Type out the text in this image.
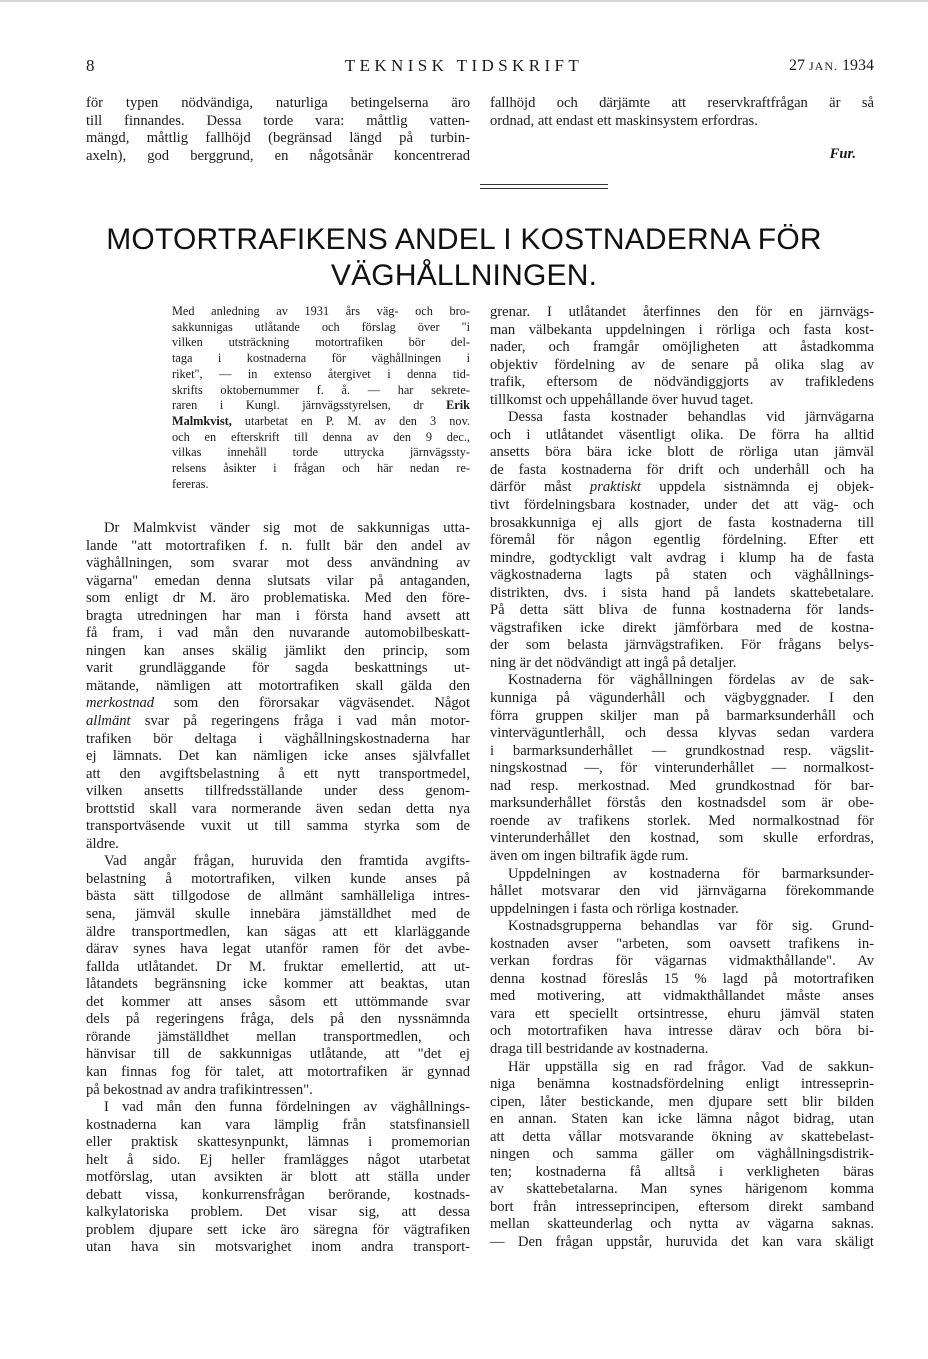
8	TEKNISK TIDSKRIFT	27 JAN. 1934
för typen nödvändiga, naturliga betingelserna äro
till finnandes. Dessa torde vara: måttlig vatten-
mängd, måttlig fallhöjd (begränsad längd på turbin-
axeln), god berggrund, en någotsånär koncentrerad
fallhöjd och därjämte att reservkraftfrågan är så
ordnad, att endast ett maskinsystem erfordras.
Fur.
MOTORTRAFIKENS ANDEL I KOSTNADERNA FÖR
VÄGHÅLLNINGEN.
Med anledning av 1931 års väg- och bro-
sakkunnigas utlåtande och förslag över "i
vilken utsträckning motortrafiken bör del-
taga i kostnaderna för väghållningen i
riket", — in extenso återgivet i denna tid-
skrifts oktobernummer f. å. — har sekrete-
raren i Kungl. järnvägsstyrelsen, dr Erik
Malmkvist, utarbetat en P. M. av den 3 nov.
och en efterskrift till denna av den 9 dec.,
vilkas innehåll torde uttrycka järnvägssty-
relsens åsikter i frågan och här nedan re-
fereras.
Dr Malmkvist vänder sig mot de sakkunnigas utta-
lande "att motortrafiken f. n. fullt bär den andel av
väghållningen, som svarar mot dess användning av
vägarna" emedan denna slutsats vilar på antaganden,
som enligt dr M. äro problematiska. Med den före-
bragta utredningen har man i första hand avsett att
få fram, i vad mån den nuvarande automobilbeskatt-
ningen kan anses skälig jämlikt den princip, som
varit grundläggande för sagda beskattnings ut-
mätande, nämligen att motortrafiken skall gälda den
merkostnad som den förorsakar vägväsendet. Något
allmänt svar på regeringens fråga i vad mån motor-
trafiken bör deltaga i väghållningskostnaderna har
ej lämnats. Det kan nämligen icke anses självfallet
att den avgiftsbelastning å ett nytt transportmedel,
vilken ansetts tillfredsställande under dess genom-
brottstid skall vara normerande även sedan detta nya
transportväsende vuxit ut till samma styrka som de
äldre.
Vad angår frågan, huruvida den framtida avgifts-
belastning å motortrafiken, vilken kunde anses på
bästa sätt tillgodose de allmänt samhälleliga intres-
sena, jämväl skulle innebära jämställdhet med de
äldre transportmedlen, kan sägas att ett klarläggande
därav synes hava legat utanför ramen för det avbe-
fallda utlåtandet. Dr M. fruktar emellertid, att ut-
låtandets begränsning icke kommer att beaktas, utan
det kommer att anses såsom ett uttömmande svar
dels på regeringens fråga, dels på den nyssnämnda
rörande jämställdhet mellan transportmedlen, och
hänvisar till de sakkunnigas utlåtande, att "det ej
kan finnas fog för talet, att motortrafiken är gynnad
på bekostnad av andra trafikintressen".
I vad mån den funna fördelningen av väghållnings-
kostnaderna kan vara lämplig från statsfinansiell
eller praktisk skattesynpunkt, lämnas i promemorian
helt å sido. Ej heller framlägges något utarbetat
motförslag, utan avsikten är blott att ställa under
debatt vissa, konkurrensfrågan berörande, kostnads-
kalkylatoriska problem. Det visar sig, att dessa
problem djupare sett icke äro säregna för vägtrafiken
utan hava sin motsvarighet inom andra transport-
grenar. I utlåtandet återfinnes den för en järnvägs-
man välbekanta uppdelningen i rörliga och fasta kost-
nader, och framgår omöjligheten att åstadkomma
objektiv fördelning av de senare på olika slag av
trafik, eftersom de nödvändiggjorts av trafikledens
tillkomst och uppehållande över huvud taget.
Dessa fasta kostnader behandlas vid järnvägarna
och i utlåtandet väsentligt olika. De förra ha alltid
ansetts böra bära icke blott de rörliga utan jämväl
de fasta kostnaderna för drift och underhåll och ha
därför måst praktiskt uppdela sistnämnda ej objek-
tivt fördelningsbara kostnader, under det att väg- och
brosakkunniga ej alls gjort de fasta kostnaderna till
föremål för någon egentlig fördelning. Efter ett
mindre, godtyckligt valt avdrag i klump ha de fasta
vägkostnaderna lagts på staten och väghållnings-
distrikten, dvs. i sista hand på landets skattebetalare.
På detta sätt bliva de funna kostnaderna för lands-
vägstrafiken icke direkt jämförbara med de kostna-
der som belasta järnvägstrafiken. För frågans belys-
ning är det nödvändigt att ingå på detaljer.
Kostnaderna för väghållningen fördelas av de sak-
kunniga på vägunderhåll och vägbyggnader. I den
förra gruppen skiljer man på barmarksunderhåll och
vinterväguntlerhåll, och dessa klyvas sedan vardera
i barmarksunderhållet — grundkostnad resp. vägslit-
ningskostnad —, för vinterunderhållet — normalkost-
nad resp. merkostnad. Med grundkostnad för bar-
marksunderhållet förstås den kostnadsdel som är obe-
roende av trafikens storlek. Med normalkostnad för
vinterunderhållet den kostnad, som skulle erfordras,
även om ingen biltrafik ägde rum.
Uppdelningen av kostnaderna för barmarksunder-
hållet motsvarar den vid järnvägarna förekommande
uppdelningen i fasta och rörliga kostnader.
Kostnadsgrupperna behandlas var för sig. Grund-
kostnaden avser "arbeten, som oavsett trafikens in-
verkan fordras för vägarnas vidmakthållande". Av
denna kostnad föreslås 15 % lagd på motortrafiken
med motivering, att vidmakthållandet måste anses
vara ett speciellt ortsintresse, ehuru jämväl staten
och motortrafiken hava intresse därav och böra bi-
draga till bestridande av kostnaderna.
Här uppställa sig en rad frågor. Vad de sakkun-
niga benämna kostnadsfördelning enligt intresseprin-
cipen, låter bestickande, men djupare sett blir bilden
en annan. Staten kan icke lämna något bidrag, utan
att detta vållar motsvarande ökning av skattebelast-
ningen och samma gäller om väghållningsdistrik-
ten; kostnaderna få alltså i verkligheten bäras
av skattebetalarna. Man synes härigenom komma
bort från intresseprincipen, eftersom direkt samband
mellan skatteunderlag och nytta av vägarna saknas.
— Den frågan uppstår, huruvida det kan vara skäligt
